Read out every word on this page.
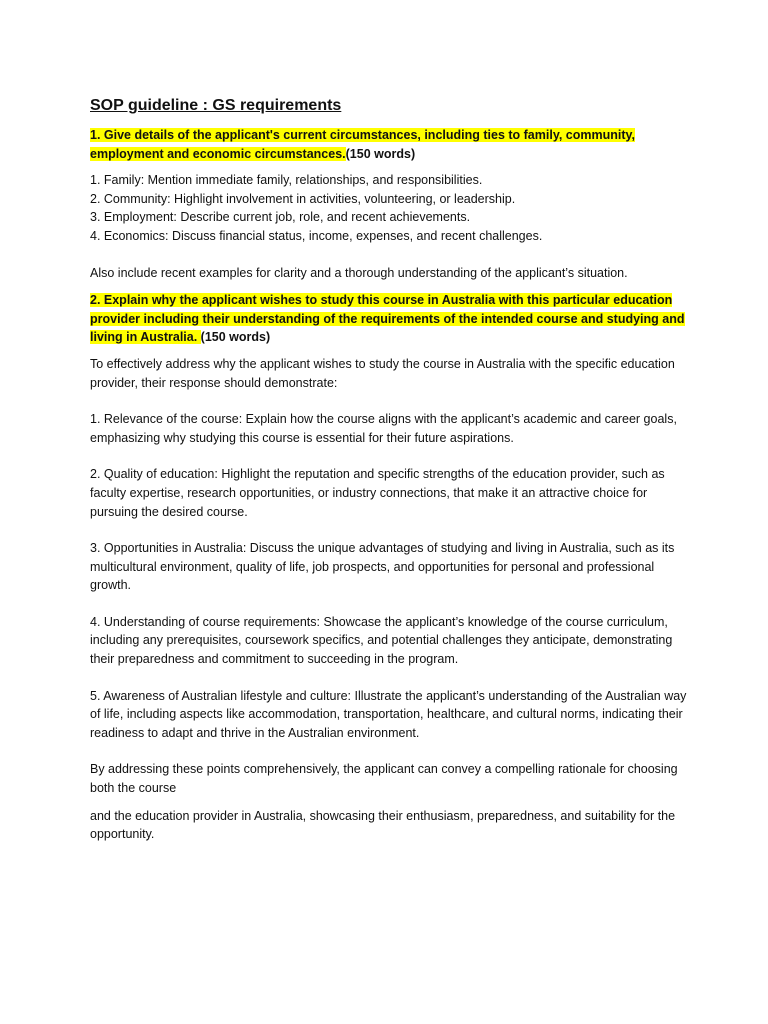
SOP guideline : GS requirements
1. Give details of the applicant's current circumstances, including ties to family, community, employment and economic circumstances.(150 words)
1. Family: Mention immediate family, relationships, and responsibilities.
2. Community: Highlight involvement in activities, volunteering, or leadership.
3. Employment: Describe current job, role, and recent achievements.
4. Economics: Discuss financial status, income, expenses, and recent challenges.
Also include recent examples for clarity and a thorough understanding of the applicant’s situation.
2. Explain why the applicant wishes to study this course in Australia with this particular education provider including their understanding of the requirements of the intended course and studying and living in Australia. (150 words)
To effectively address why the applicant wishes to study the course in Australia with the specific education provider, their response should demonstrate:
1. Relevance of the course: Explain how the course aligns with the applicant’s academic and career goals, emphasizing why studying this course is essential for their future aspirations.
2. Quality of education: Highlight the reputation and specific strengths of the education provider, such as faculty expertise, research opportunities, or industry connections, that make it an attractive choice for pursuing the desired course.
3. Opportunities in Australia: Discuss the unique advantages of studying and living in Australia, such as its multicultural environment, quality of life, job prospects, and opportunities for personal and professional growth.
4. Understanding of course requirements: Showcase the applicant’s knowledge of the course curriculum, including any prerequisites, coursework specifics, and potential challenges they anticipate, demonstrating their preparedness and commitment to succeeding in the program.
5. Awareness of Australian lifestyle and culture: Illustrate the applicant’s understanding of the Australian way of life, including aspects like accommodation, transportation, healthcare, and cultural norms, indicating their readiness to adapt and thrive in the Australian environment.
By addressing these points comprehensively, the applicant can convey a compelling rationale for choosing both the course
and the education provider in Australia, showcasing their enthusiasm, preparedness, and suitability for the opportunity.
